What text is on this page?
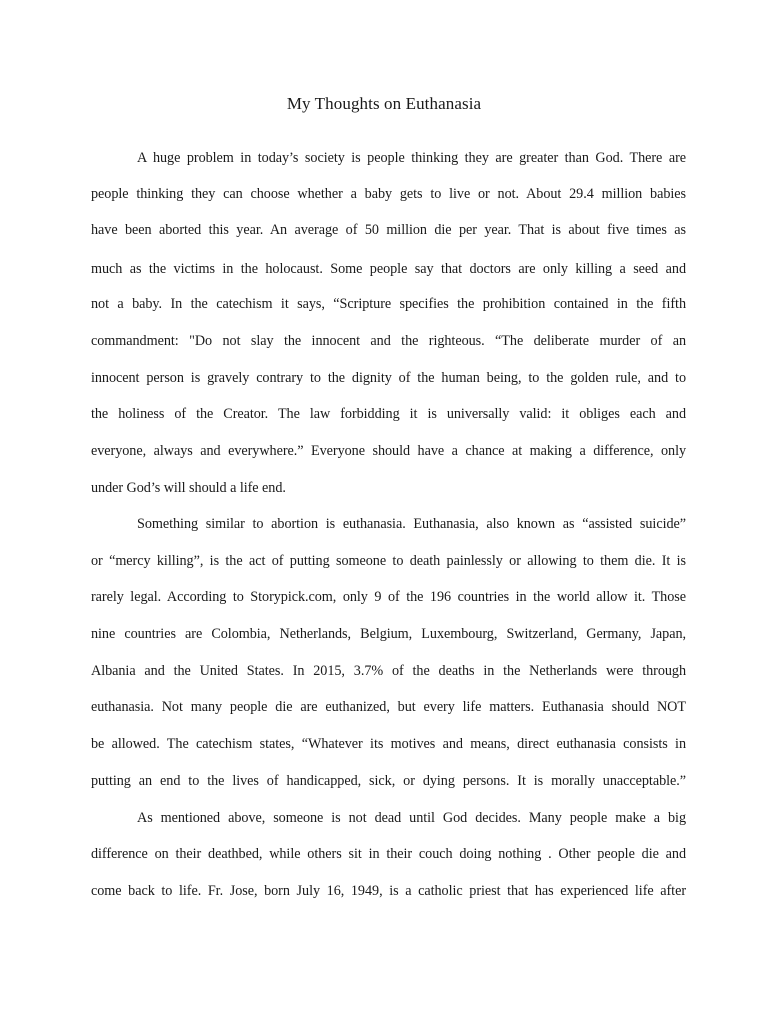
My Thoughts on Euthanasia
A huge problem in today’s society is people thinking they are greater than God. There are
people thinking they can choose whether a baby gets to live or not. About 29.4 million babies
have been aborted this year. An average of 50 million die per year. That is about five times as
much as the victims in the holocaust. Some people say that doctors are only killing a seed and
not a baby. In the catechism it says, “Scripture specifies the prohibition contained in the fifth
commandment: "Do not slay the innocent and the righteous. “The deliberate murder of an
innocent person is gravely contrary to the dignity of the human being, to the golden rule, and to
the holiness of the Creator. The law forbidding it is universally valid: it obliges each and
everyone, always and everywhere.” Everyone should have a chance at making a difference, only
under God’s will should a life end.
Something similar to abortion is euthanasia. Euthanasia, also known as “assisted suicide”
or “mercy killing”, is the act of putting someone to death painlessly or allowing to them die. It is
rarely legal. According to Storypick.com, only 9 of the 196 countries in the world allow it. Those
nine countries are Colombia, Netherlands, Belgium, Luxembourg, Switzerland, Germany, Japan,
Albania and the United States. In 2015, 3.7% of the deaths in the Netherlands were through
euthanasia. Not many people die are euthanized, but every life matters. Euthanasia should NOT
be allowed. The catechism states, “Whatever its motives and means, direct euthanasia consists in
putting an end to the lives of handicapped, sick, or dying persons. It is morally unacceptable.”
As mentioned above, someone is not dead until God decides. Many people make a big
difference on their deathbed, while others sit in their couch doing nothing . Other people die and
come back to life. Fr. Jose, born July 16, 1949, is a catholic priest that has experienced life after
